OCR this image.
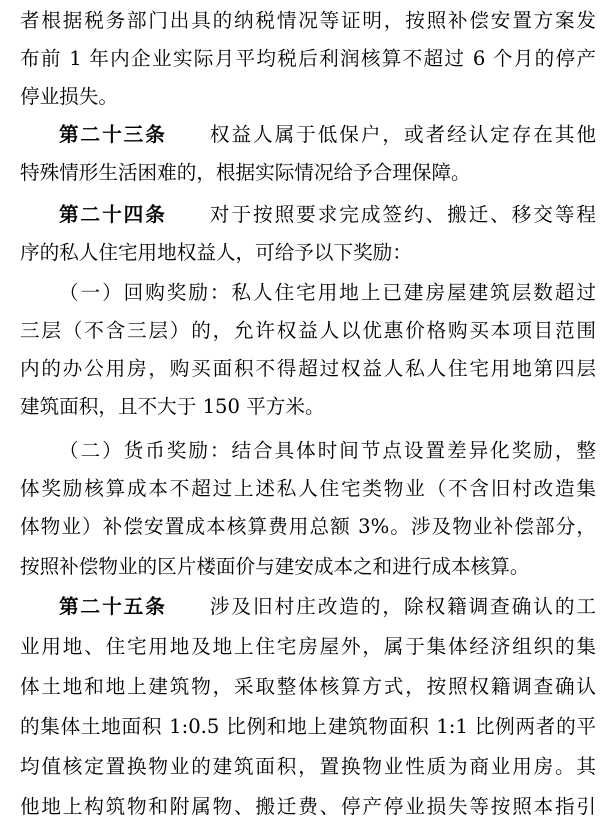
者根据税务部门出具的纳税情况等证明，按照补偿安置方案发
布前 1 年内企业实际月平均税后利润核算不超过 6 个月的停产
停业损失。
第二十三条　　 权益人属于低保户，或者经认定存在其他
特殊情形生活困难的，根据实际情况给予合理保障。
第二十四条　　 对于按照要求完成签约、搬迁、移交等程
序的私人住宅用地权益人，可给予以下奖励：
（一）回购奖励：私人住宅用地上已建房屋建筑层数超过
三层（不含三层）的，允许权益人以优惠价格购买本项目范围
内的办公用房，购买面积不得超过权益人私人住宅用地第四层
建筑面积，且不大于 150 平方米。
（二）货币奖励：结合具体时间节点设置差异化奖励，整
体奖励核算成本不超过上述私人住宅类物业（不含旧村改造集
体物业）补偿安置成本核算费用总额 3%。涉及物业补偿部分，
按照补偿物业的区片楼面价与建安成本之和进行成本核算。
第二十五条　　 涉及旧村庄改造的，除权籍调查确认的工
业用地、住宅用地及地上住宅房屋外，属于集体经济组织的集
体土地和地上建筑物，采取整体核算方式，按照权籍调查确认
的集体土地面积 1:0.5 比例和地上建筑物面积 1:1 比例两者的平
均值核定置换物业的建筑面积，置换物业性质为商业用房。其
他地上构筑物和附属物、搬迁费、停产停业损失等按照本指引
